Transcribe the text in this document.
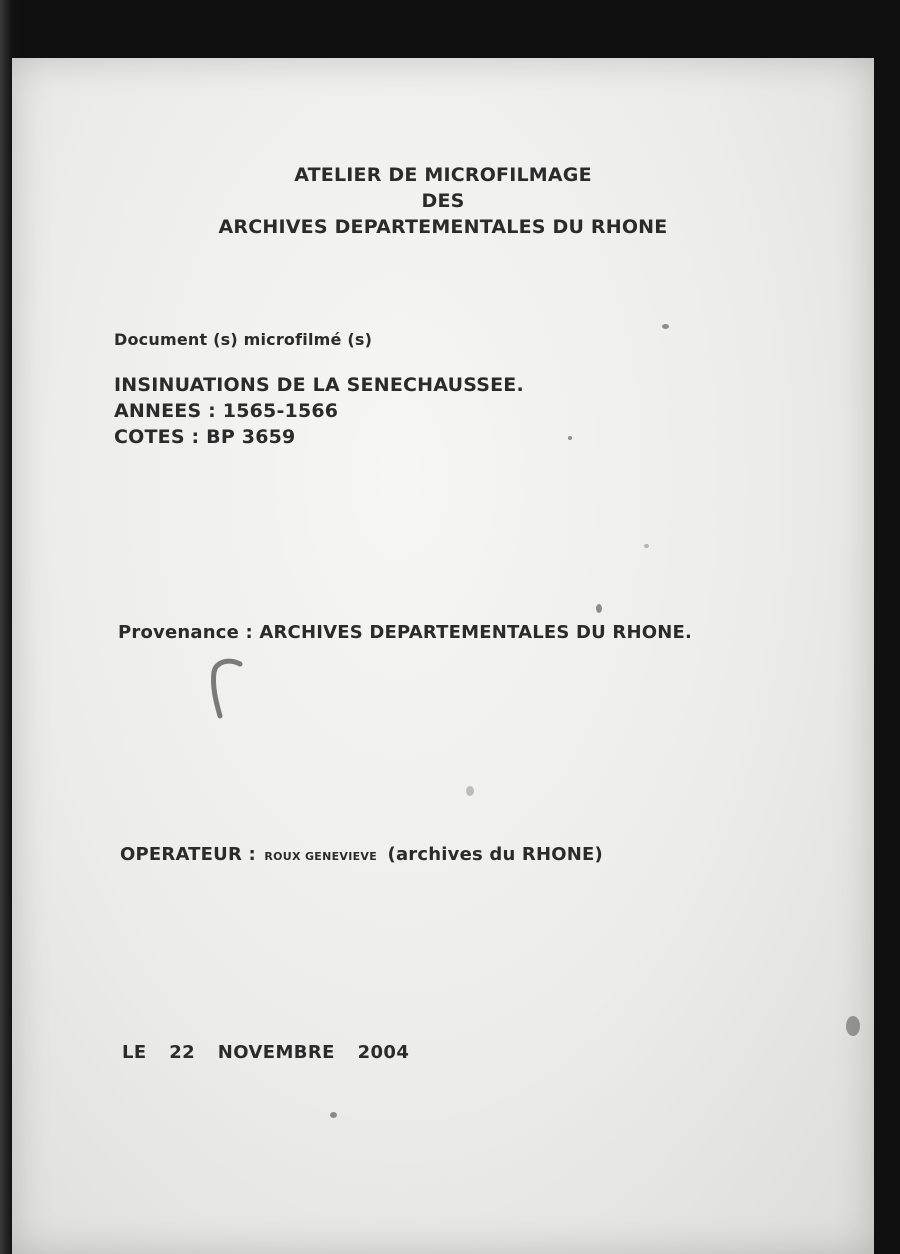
ATELIER DE MICROFILMAGE
DES
ARCHIVES DEPARTEMENTALES DU RHONE
Document (s) microfilmé (s)
INSINUATIONS DE LA SENECHAUSSEE.
ANNEES : 1565-1566
COTES : BP 3659
Provenance : ARCHIVES DEPARTEMENTALES DU RHONE.
OPERATEUR : ROUX GENEVIEVE (archives du RHONE)
LE 22 NOVEMBRE 2004
